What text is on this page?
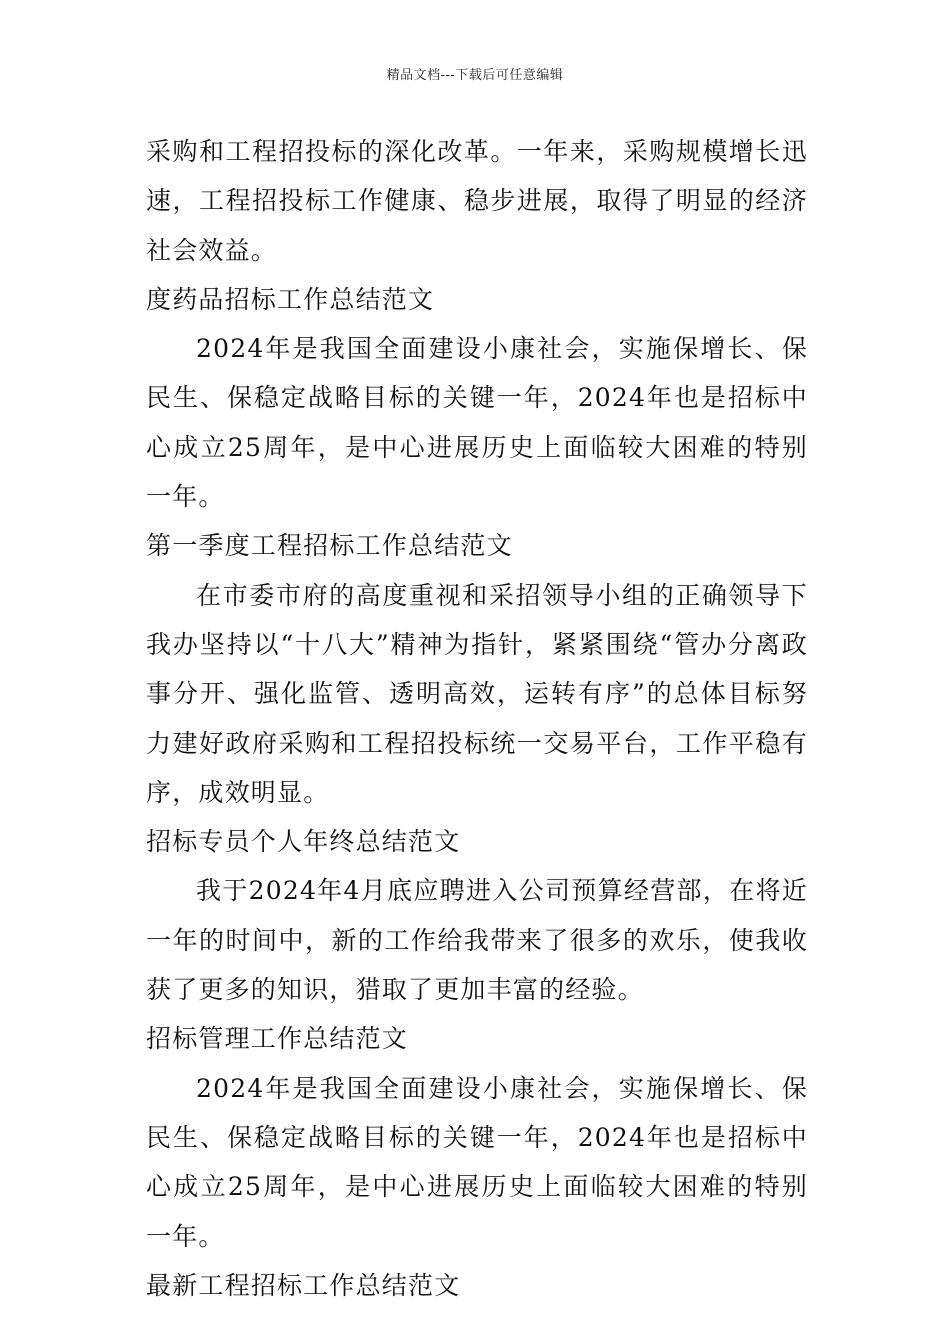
精品文档---下载后可任意编辑

采购和工程招投标的深化改革。一年来，采购规模增长迅速，工程招投标工作健康、稳步进展，取得了明显的经济社会效益。

度药品招标工作总结范文

2024年是我国全面建设小康社会，实施保增长、保民生、保稳定战略目标的关键一年，2024年也是招标中心成立25周年，是中心进展历史上面临较大困难的特别一年。

第一季度工程招标工作总结范文

在市委市府的高度重视和采招领导小组的正确领导下我办坚持以“十八大”精神为指针，紧紧围绕“管办分离政事分开、强化监管、透明高效，运转有序”的总体目标努力建好政府采购和工程招投标统一交易平台，工作平稳有序，成效明显。

招标专员个人年终总结范文

我于2024年4月底应聘进入公司预算经营部，在将近一年的时间中，新的工作给我带来了很多的欢乐，使我收获了更多的知识，猎取了更加丰富的经验。

招标管理工作总结范文

2024年是我国全面建设小康社会，实施保增长、保民生、保稳定战略目标的关键一年，2024年也是招标中心成立25周年，是中心进展历史上面临较大困难的特别一年。

最新工程招标工作总结范文
